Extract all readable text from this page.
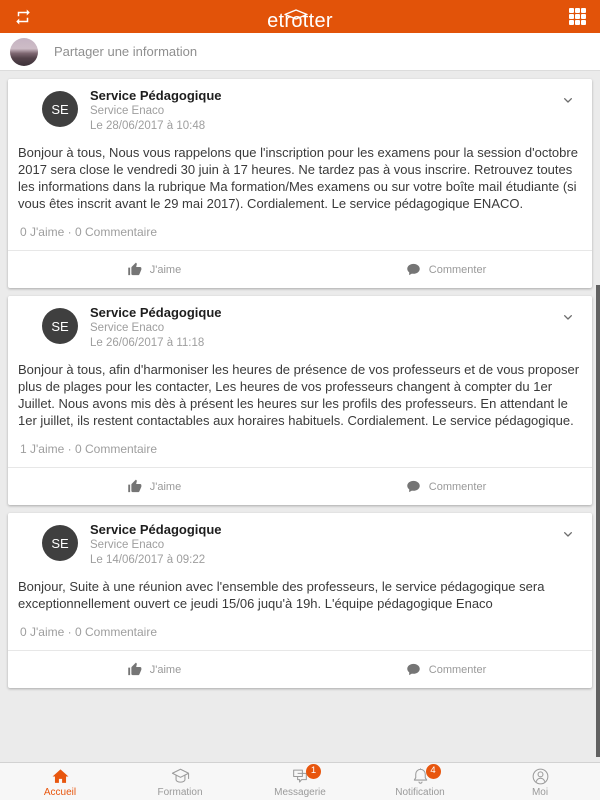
etrotter
Partager une information
SE
Service Pédagogique
Service Enaco
Le 28/06/2017 à 10:48
Bonjour à tous, Nous vous rappelons que l'inscription pour les examens pour la session d'octobre 2017 sera close le vendredi 30 juin à 17 heures. Ne tardez pas à vous inscrire. Retrouvez toutes les informations dans la rubrique Ma formation/Mes examens ou sur votre boîte mail étudiante (si vous êtes inscrit avant le 29 mai 2017). Cordialement. Le service pédagogique ENACO.
0 J'aime · 0 Commentaire
J'aime	Commenter
SE
Service Pédagogique
Service Enaco
Le 26/06/2017 à 11:18
Bonjour à tous, afin d'harmoniser les heures de présence de vos professeurs et de vous proposer plus de plages pour les contacter, Les heures de vos professeurs changent à compter du 1er Juillet. Nous avons mis dès à présent les heures sur les profils des professeurs. En attendant le 1er juillet, ils restent contactables aux horaires habituels. Cordialement. Le service pédagogique.
1 J'aime · 0 Commentaire
J'aime	Commenter
SE
Service Pédagogique
Service Enaco
Le 14/06/2017 à 09:22
Bonjour, Suite à une réunion avec l'ensemble des professeurs, le service pédagogique sera exceptionnellement ouvert ce jeudi 15/06 juqu'à 19h. L'équipe pédagogique Enaco
0 J'aime · 0 Commentaire
J'aime	Commenter
Accueil	Formation
1
Messagerie
4
Notification	Moi
